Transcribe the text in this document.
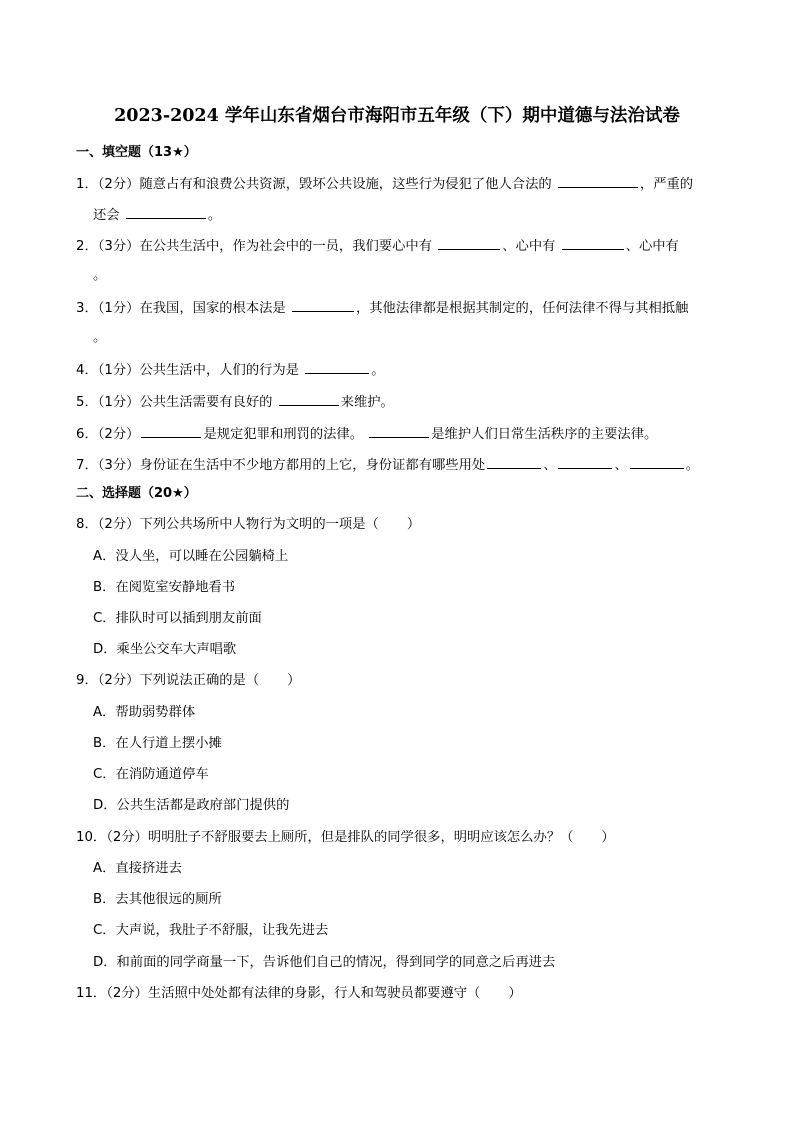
2023-2024 学年山东省烟台市海阳市五年级（下）期中道德与法治试卷
一、填空题（13★）
1．（2分）随意占有和浪费公共资源，毁坏公共设施，这些行为侵犯了他人合法的	，严重的
还会	。
2．（3分）在公共生活中，作为社会中的一员，我们要心中有	、心中有	、心中有
。
3．（1分）在我国，国家的根本法是	，其他法律都是根据其制定的，任何法律不得与其相抵触
。
4．（1分）公共生活中，人们的行为是	。
5．（1分）公共生活需要有良好的	来维护。
6．（2分）	是规定犯罪和刑罚的法律。	是维护人们日常生活秩序的主要法律。
7．（3分）身份证在生活中不少地方都用的上它，身份证都有哪些用处	、	、	。
二、选择题（20★）
8．（2分）下列公共场所中人物行为文明的一项是（ ）
A．没人坐，可以睡在公园躺椅上
B．在阅览室安静地看书
C．排队时可以插到朋友前面
D．乘坐公交车大声唱歌
9．（2分）下列说法正确的是（ ）
A．帮助弱势群体
B．在人行道上摆小摊
C．在消防通道停车
D．公共生活都是政府部门提供的
10．（2分）明明肚子不舒服要去上厕所，但是排队的同学很多，明明应该怎么办？（ ）
A．直接挤进去
B．去其他很远的厕所
C．大声说，我肚子不舒服，让我先进去
D．和前面的同学商量一下，告诉他们自己的情况，得到同学的同意之后再进去
11．（2分）生活照中处处都有法律的身影，行人和驾驶员都要遵守（ ）
